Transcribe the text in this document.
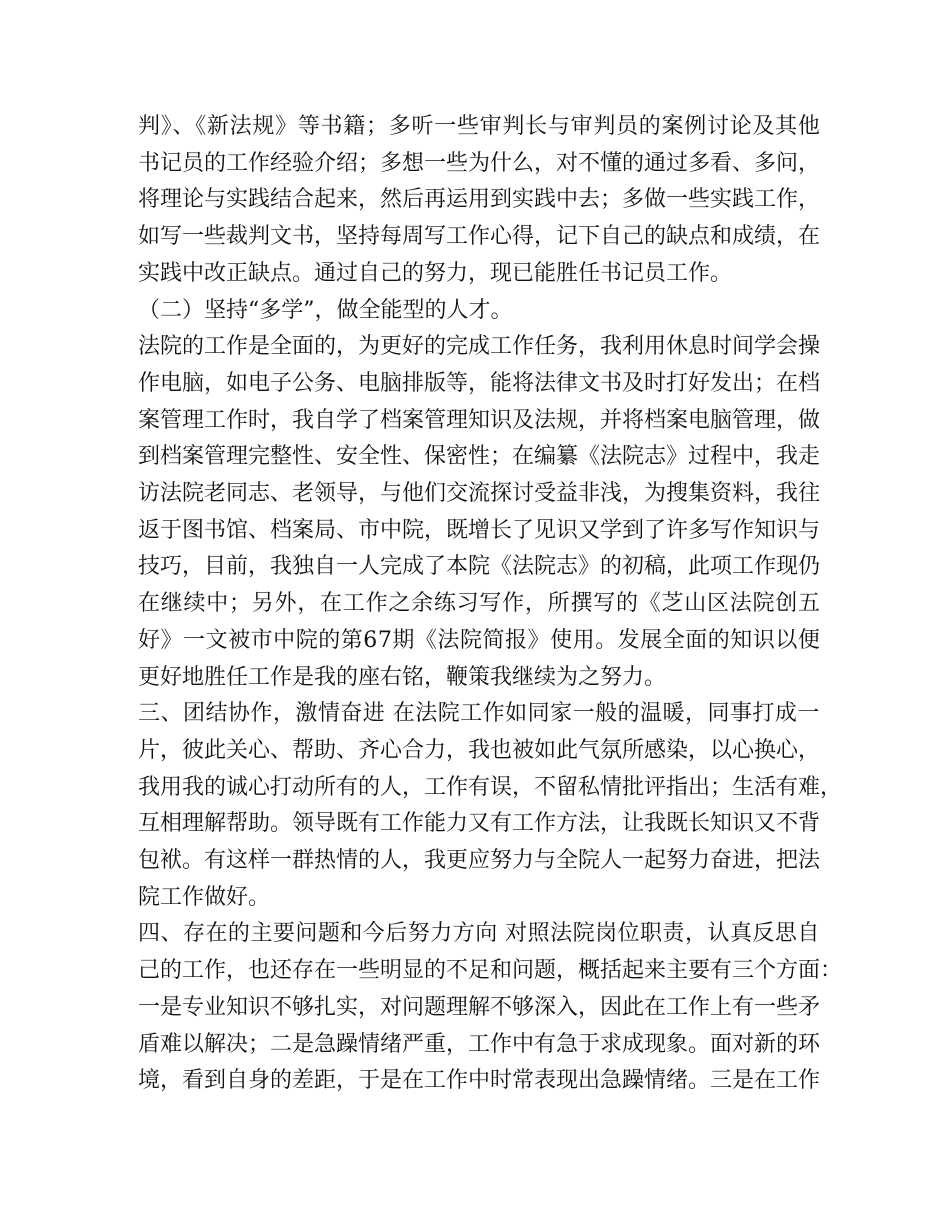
判》、《新法规》等书籍；多听一些审判长与审判员的案例讨论及其他
书记员的工作经验介绍；多想一些为什么，对不懂的通过多看、多问，
将理论与实践结合起来，然后再运用到实践中去；多做一些实践工作，
如写一些裁判文书，坚持每周写工作心得，记下自己的缺点和成绩，在
实践中改正缺点。通过自己的努力，现已能胜任书记员工作。
（二）坚持“多学”，做全能型的人才。
法院的工作是全面的，为更好的完成工作任务，我利用休息时间学会操
作电脑，如电子公务、电脑排版等，能将法律文书及时打好发出；在档
案管理工作时，我自学了档案管理知识及法规，并将档案电脑管理，做
到档案管理完整性、安全性、保密性；在编纂《法院志》过程中，我走
访法院老同志、老领导，与他们交流探讨受益非浅，为搜集资料，我往
返于图书馆、档案局、市中院，既增长了见识又学到了许多写作知识与
技巧，目前，我独自一人完成了本院《法院志》的初稿，此项工作现仍
在继续中；另外，在工作之余练习写作，所撰写的《芝山区法院创五
好》一文被市中院的第67期《法院简报》使用。发展全面的知识以便
更好地胜任工作是我的座右铭，鞭策我继续为之努力。
三、团结协作，激情奋进 在法院工作如同家一般的温暖，同事打成一
片，彼此关心、帮助、齐心合力，我也被如此气氛所感染，以心换心，
我用我的诚心打动所有的人，工作有误，不留私情批评指出；生活有难，
互相理解帮助。领导既有工作能力又有工作方法，让我既长知识又不背
包袱。有这样一群热情的人，我更应努力与全院人一起努力奋进，把法
院工作做好。
四、存在的主要问题和今后努力方向 对照法院岗位职责，认真反思自
己的工作，也还存在一些明显的不足和问题，概括起来主要有三个方面：
一是专业知识不够扎实，对问题理解不够深入，因此在工作上有一些矛
盾难以解决；二是急躁情绪严重，工作中有急于求成现象。面对新的环
境，看到自身的差距，于是在工作中时常表现出急躁情绪。三是在工作
